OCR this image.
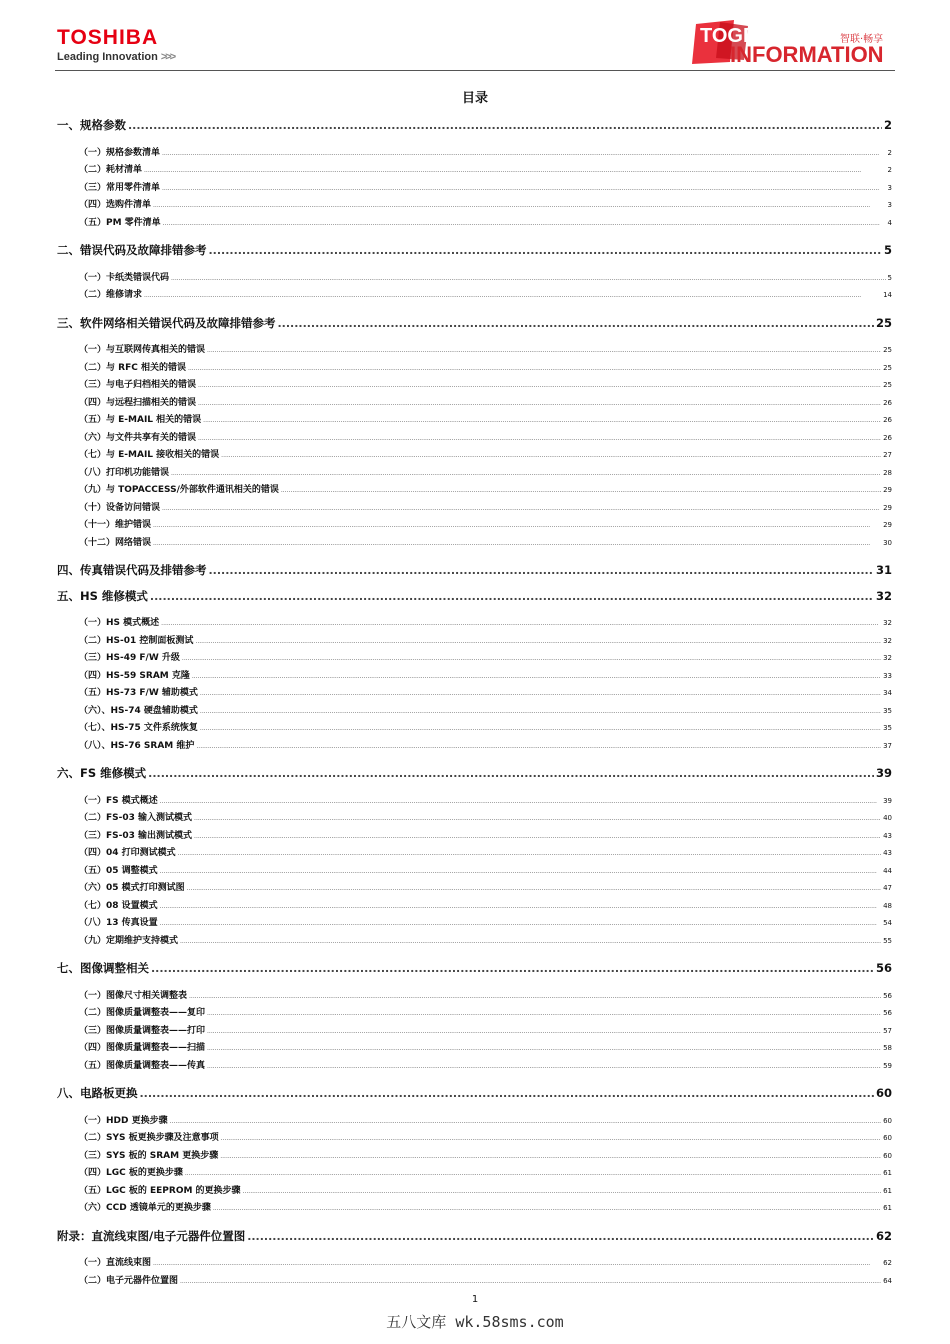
TOSHIBA
Leading Innovation >>>
TOGETHER	智联·畅享
INFORMATION
目录
一、规格参数 .....	2
（一）规格参数清单 .....	2
（二）耗材清单 .....	2
（三）常用零件清单 .....	3
（四）选购件清单 .....	3
（五）PM 零件清单 .....	4
二、错误代码及故障排错参考 .....	5
（一）卡纸类错误代码 .....	5
（二）维修请求 .....	14
三、软件网络相关错误代码及故障排错参考 .....	25
（一）与互联网传真相关的错误 .....	25
（二）与 RFC 相关的错误 .....	25
（三）与电子归档相关的错误 .....	25
（四）与远程扫描相关的错误 .....	26
（五）与 E-MAIL 相关的错误 .....	26
（六）与文件共享有关的错误 .....	26
（七）与 E-MAIL 接收相关的错误 .....	27
（八）打印机功能错误 .....	28
（九）与 TOPACCESS/外部软件通讯相关的错误 .....	29
（十）设备访问错误 .....	29
（十一）维护错误 .....	29
（十二）网络错误 .....	30
四、传真错误代码及排错参考 .....	31
五、HS 维修模式 .....	32
（一）HS 模式概述 .....	32
（二）HS-01 控制面板测试 .....	32
（三）HS-49 F/W 升级 .....	32
（四）HS-59 SRAM 克隆 .....	33
（五）HS-73 F/W 辅助模式 .....	34
（六）、HS-74 硬盘辅助模式 .....	35
（七）、HS-75 文件系统恢复 .....	35
（八）、HS-76 SRAM 维护 .....	37
六、FS 维修模式 .....	39
（一）FS 模式概述 .....	39
（二）FS-03 输入测试模式 .....	40
（三）FS-03 输出测试模式 .....	43
（四）04 打印测试模式 .....	43
（五）05 调整模式 .....	44
（六）05 模式打印测试图 .....	47
（七）08 设置模式 .....	48
（八）13 传真设置 .....	54
（九）定期维护支持模式 .....	55
七、图像调整相关 .....	56
（一）图像尺寸相关调整表 .....	56
（二）图像质量调整表——复印 .....	56
（三）图像质量调整表——打印 .....	57
（四）图像质量调整表——扫描 .....	58
（五）图像质量调整表——传真 .....	59
八、电路板更换 .....	60
（一）HDD 更换步骤 .....	60
（二）SYS 板更换步骤及注意事项 .....	60
（三）SYS 板的 SRAM 更换步骤 .....	60
（四）LGC 板的更换步骤 .....	61
（五）LGC 板的 EEPROM 的更换步骤 .....	61
（六）CCD 透镜单元的更换步骤 .....	61
附录：直流线束图/电子元器件位置图 .....	62
（一）直流线束图 .....	62
（二）电子元器件位置图 .....	64
1
五八文库 wk.58sms.com
